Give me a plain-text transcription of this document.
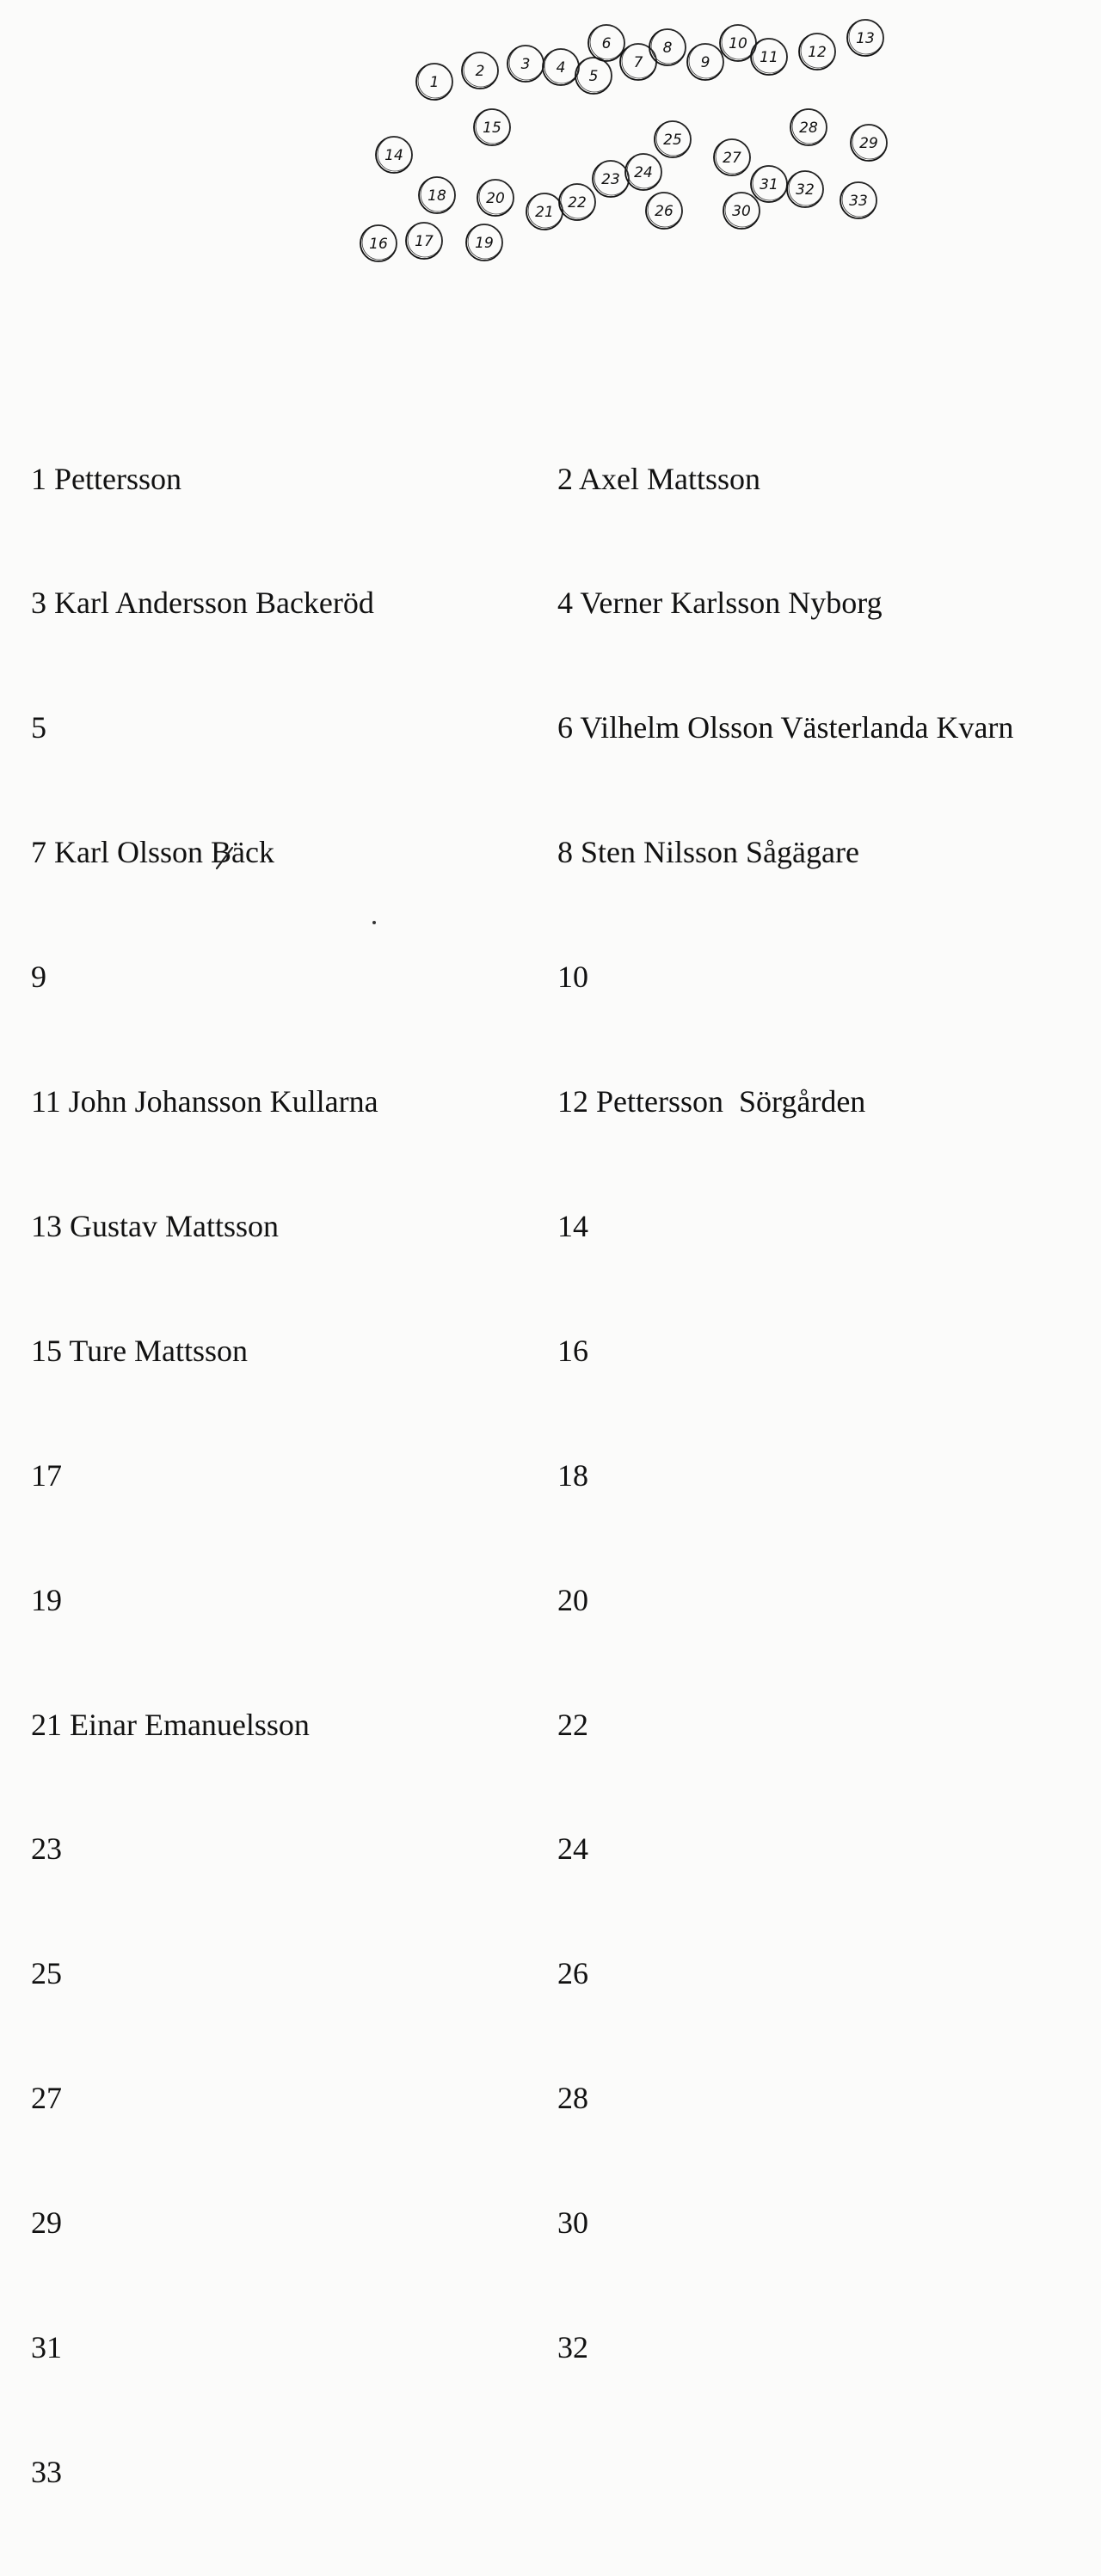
1
2 3 4 5
6
7
8
9
10
11 12
13
14
15
16 17
18
19
20
21
22
23 24
25
26
27
28
29
30
31 32
33

1 Pettersson

3 Karl Andersson Backeröd

5

7 Karl Olsson Bäck

9

11 John Johansson Kullarna

13 Gustav Mattsson

15 Ture Mattsson

17

19

21 Einar Emanuelsson

23

25

27

29

31

33

2 Axel Mattsson

4 Verner Karlsson Nyborg

6 Vilhelm Olsson Västerlanda Kvarn

8 Sten Nilsson Sågägare

10

12 Pettersson  Sörgården

14

16

18

20

22

24

26

28

30

32
